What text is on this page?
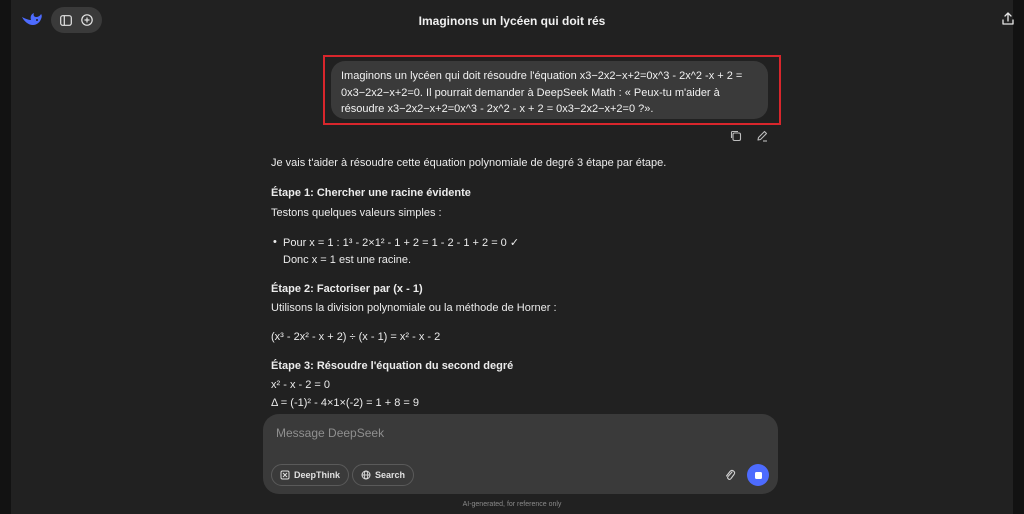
Imaginons un lycéen qui doit rés
Imaginons un lycéen qui doit résoudre l'équation x3−2x2−x+2=0x^3 - 2x^2 -x + 2 = 0x3−2x2−x+2=0. Il pourrait demander à DeepSeek Math : « Peux-tu m'aider à résoudre x3−2x2−x+2=0x^3 - 2x^2 - x + 2 = 0x3−2x2−x+2=0 ?».

Je vais t'aider à résoudre cette équation polynomiale de degré 3 étape par étape.

Étape 1: Chercher une racine évidente

Testons quelques valeurs simples :

• Pour x = 1 : 1³ - 2×1² - 1 + 2 = 1 - 2 - 1 + 2 = 0 ✓

Donc x = 1 est une racine.

Étape 2: Factoriser par (x - 1)

Utilisons la division polynomiale ou la méthode de Horner :

(x³ - 2x² - x + 2) ÷ (x - 1) = x² - x - 2

Étape 3: Résoudre l'équation du second degré

x² - x - 2 = 0

Δ = (-1)² - 4×1×(-2) = 1 + 8 = 9

Message DeepSeek
DeepThink	Search
AI-generated, for reference only
